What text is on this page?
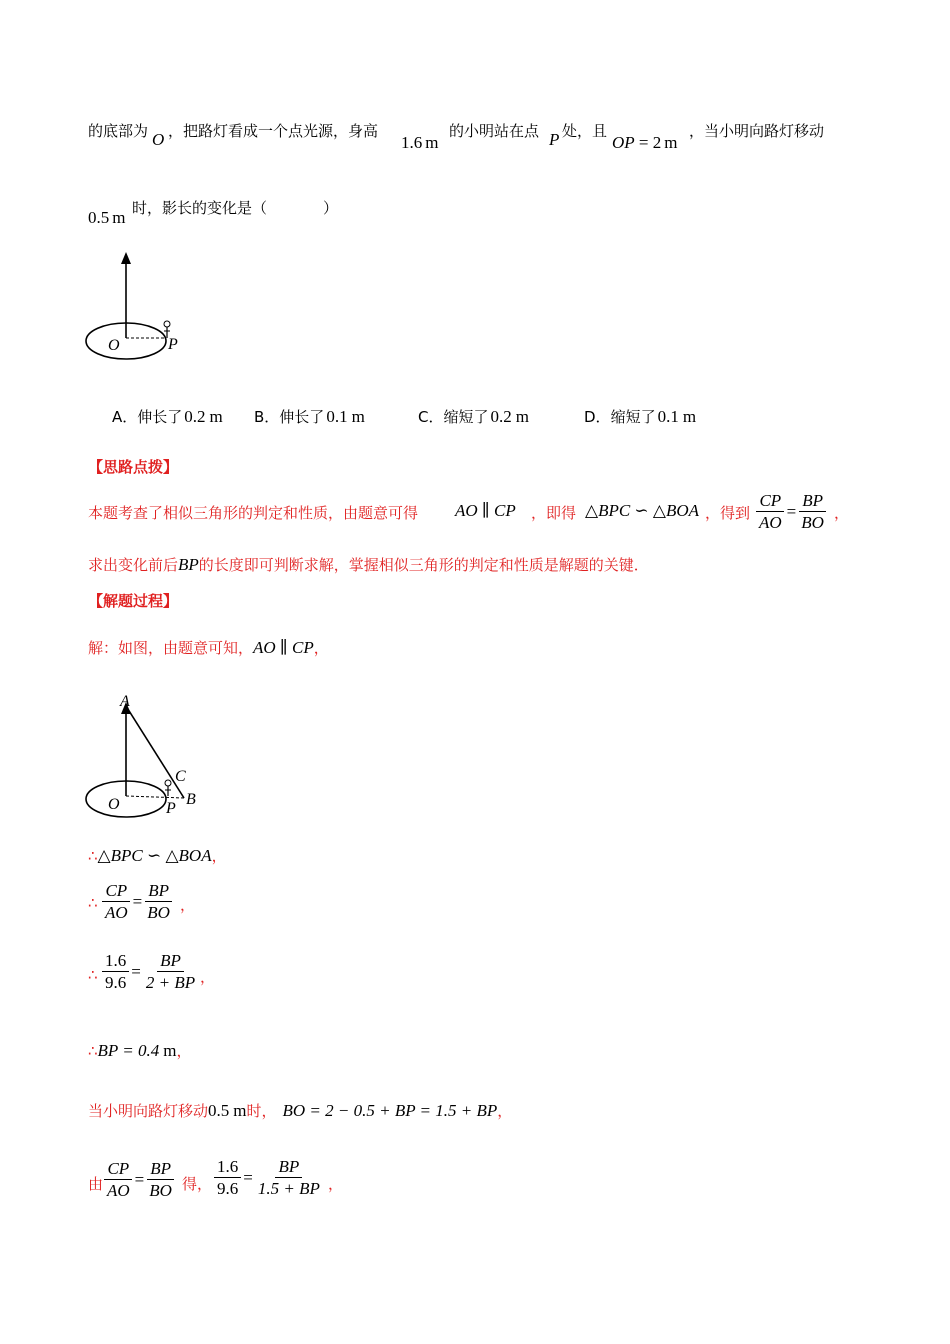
的底部为 O ，把路灯看成一个点光源，身高
1.6 m
的小明站在点 P 处，且
OP = 2 m
，当小明向路灯移动
0.5 m 时，影长的变化是（	）
O	P
A．伸长了 0.2 m B．伸长了 0.1 m	C．缩短了 0.2 m	D．缩短了 0.1 m
【思路点拨】
本题考查了相似三角形的判定和性质，由题意可得 AO ∥ CP ，即得 △BPC ∽ △BOA ，得到 $\frac{CP}{AO} = \frac{BP}{BO}$ ，
求出变化前后BP的长度即可判断求解，掌握相似三角形的判定和性质是解题的关键．
【解题过程】
解：如图，由题意可知，AO ∥ CP，
A
C
O	P
B
∴△BPC ∽ △BOA，
∴ $\frac{CP}{AO} = \frac{BP}{BO}$ ，
∴ $\frac{1.6}{9.6} = \frac{BP}{2 + BP}$ ，
∴BP = 0.4 m，
当小明向路灯移动0.5 m时， BO = 2 − 0.5 + BP = 1.5 + BP，
由 $\frac{CP}{AO} = \frac{BP}{BO}$ 得， $\frac{1.6}{9.6} = \frac{BP}{1.5 + BP}$ ，
